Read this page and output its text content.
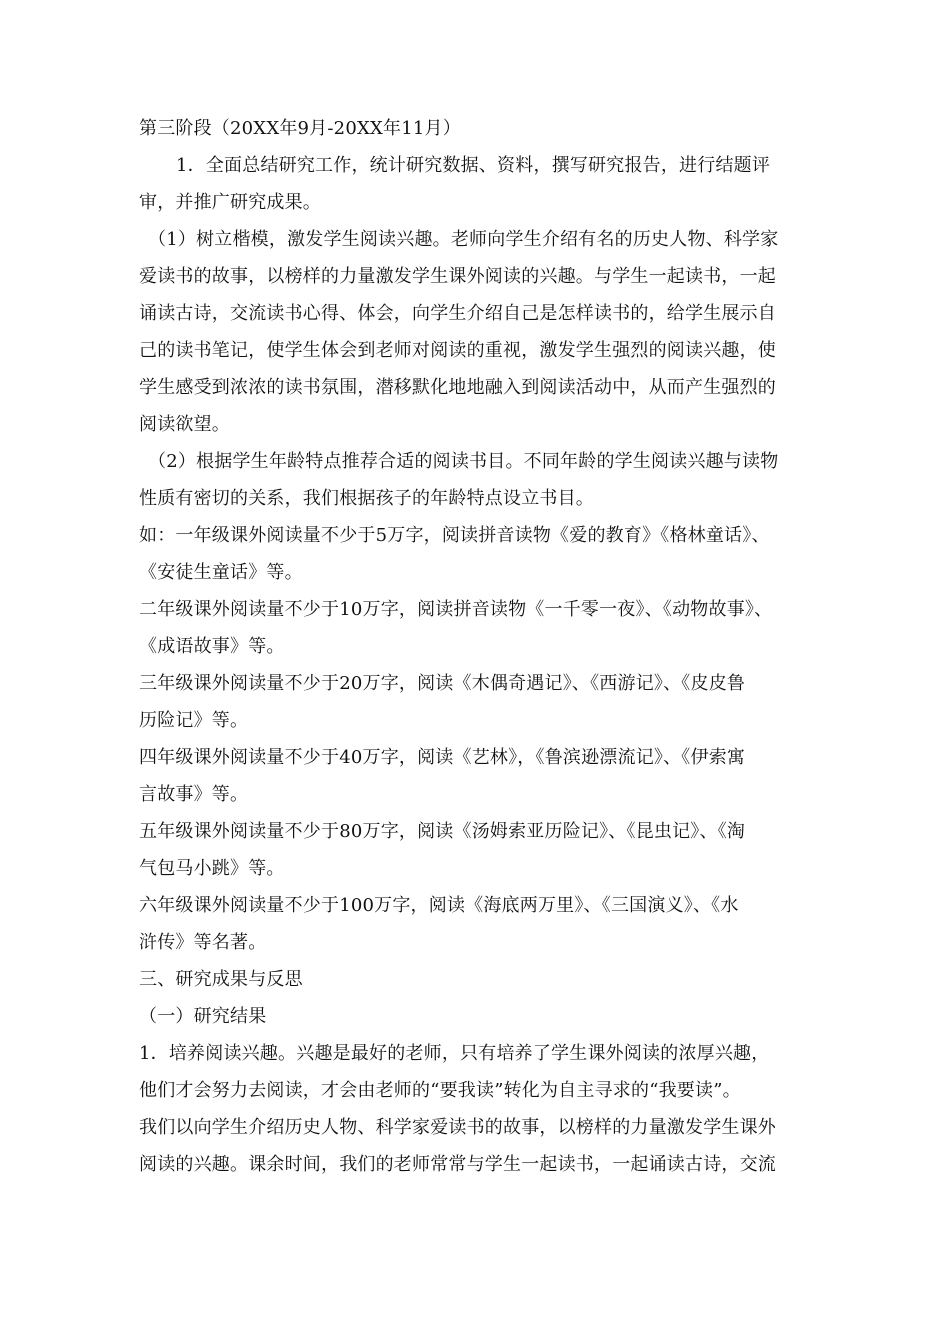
第三阶段（20XX年9月-20XX年11月）
1．全面总结研究工作，统计研究数据、资料，撰写研究报告，进行结题评
审，并推广研究成果。
（1）树立楷模，激发学生阅读兴趣。老师向学生介绍有名的历史人物、科学家
爱读书的故事，以榜样的力量激发学生课外阅读的兴趣。与学生一起读书，一起
诵读古诗，交流读书心得、体会，向学生介绍自己是怎样读书的，给学生展示自
己的读书笔记，使学生体会到老师对阅读的重视，激发学生强烈的阅读兴趣，使
学生感受到浓浓的读书氛围，潜移默化地地融入到阅读活动中，从而产生强烈的
阅读欲望。
（2）根据学生年龄特点推荐合适的阅读书目。不同年龄的学生阅读兴趣与读物
性质有密切的关系，我们根据孩子的年龄特点设立书目。
如：一年级课外阅读量不少于5万字，阅读拼音读物《爱的教育》《格林童话》、
《安徒生童话》等。
二年级课外阅读量不少于10万字，阅读拼音读物《一千零一夜》、《动物故事》、
《成语故事》等。
三年级课外阅读量不少于20万字，阅读《木偶奇遇记》、《西游记》、《皮皮鲁
历险记》等。
四年级课外阅读量不少于40万字，阅读《艺林》，《鲁滨逊漂流记》、《伊索寓
言故事》等。
五年级课外阅读量不少于80万字，阅读《汤姆索亚历险记》、《昆虫记》、《淘
气包马小跳》等。
六年级课外阅读量不少于100万字，阅读《海底两万里》、《三国演义》、《水
浒传》等名著。
三、研究成果与反思
（一）研究结果
1．培养阅读兴趣。兴趣是最好的老师，只有培养了学生课外阅读的浓厚兴趣，
他们才会努力去阅读，才会由老师的“要我读”转化为自主寻求的“我要读”。
我们以向学生介绍历史人物、科学家爱读书的故事，以榜样的力量激发学生课外
阅读的兴趣。课余时间，我们的老师常常与学生一起读书，一起诵读古诗，交流
